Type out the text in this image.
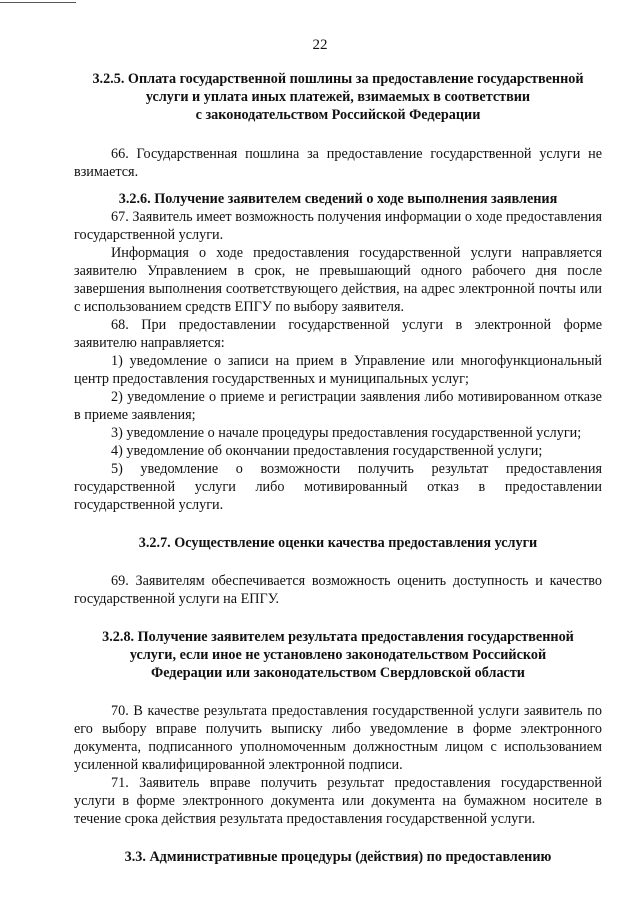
22

3.2.5. Оплата государственной пошлины за предоставление государственной

услуги и уплата иных платежей, взимаемых в соответствии

с законодательством Российской Федерации

66. Государственная пошлина за предоставление государственной услуги не взимается.

3.2.6. Получение заявителем сведений о ходе выполнения заявления

67. Заявитель имеет возможность получения информации о ходе предоставления государственной услуги.

Информация о ходе предоставления государственной услуги направляется заявителю Управлением в срок, не превышающий одного рабочего дня после завершения выполнения соответствующего действия, на адрес электронной почты или с использованием средств ЕПГУ по выбору заявителя.

68. При предоставлении государственной услуги в электронной форме заявителю направляется:

1) уведомление о записи на прием в Управление или многофункциональный центр предоставления государственных и муниципальных услуг;

2) уведомление о приеме и регистрации заявления либо мотивированном отказе в приеме заявления;

3) уведомление о начале процедуры предоставления государственной услуги;

4) уведомление об окончании предоставления государственной услуги;

5) уведомление о возможности получить результат предоставления государственной услуги либо мотивированный отказ в предоставлении государственной услуги.

3.2.7. Осуществление оценки качества предоставления услуги

69. Заявителям обеспечивается возможность оценить доступность и качество государственной услуги на ЕПГУ.

3.2.8. Получение заявителем результата предоставления государственной

услуги, если иное не установлено законодательством Российской

Федерации или законодательством Свердловской области

70. В качестве результата предоставления государственной услуги заявитель по его выбору вправе получить выписку либо уведомление в форме электронного документа, подписанного уполномоченным должностным лицом с использованием усиленной квалифицированной электронной подписи.

71. Заявитель вправе получить результат предоставления государственной услуги в форме электронного документа или документа на бумажном носителе в течение срока действия результата предоставления государственной услуги.

3.3. Административные процедуры (действия) по предоставлению
